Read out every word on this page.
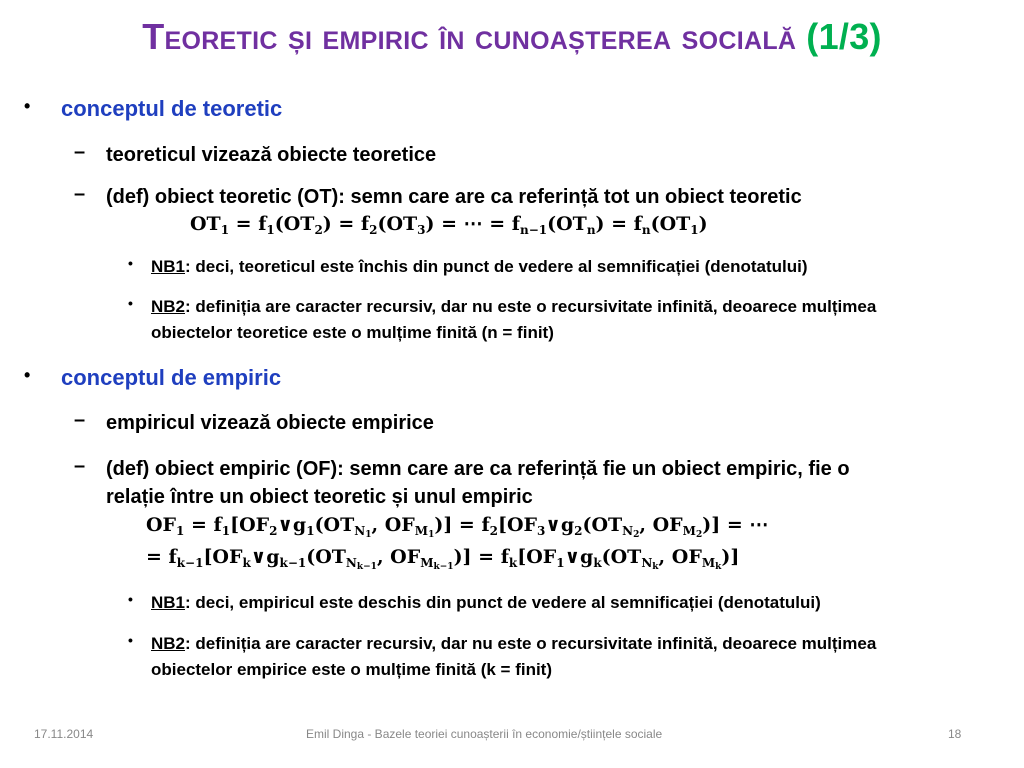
Teoretic și empiric în cunoașterea socială (1/3)
• conceptul de teoretic
– teoreticul vizează obiecte teoretice
– (def) obiect teoretic (OT): semn care are ca referință tot un obiect teoretic
$OT_1 = f_1(OT_2) = f_2(OT_3)$ = ⋯ = $f_{n-1}(OT_n) = f_n(OT_1)$
• NB1: deci, teoreticul este închis din punct de vedere al semnificației (denotatului)
• NB2: definiția are caracter recursiv, dar nu este o recursivitate infinită, deoarece mulțimea
obiectelor teoretice este o mulțime finită (n = finit)
• conceptul de empiric
– empiricul vizează obiecte empirice
– (def) obiect empiric (OF): semn care are ca referință fie un obiect empiric, fie o
relație între un obiect teoretic și unul empiric
$OF_1$ = $f_1[OF_2\vee g_1(OT_{N_1}$, $OF_{M_1}$)] = $f_2[OF_3\vee g_2(OT_{N_2}$, $OF_{M_2}$)] = ⋯
= $f_{k-1}[OF_k\vee g_{k-1}(OT_{N_{k-1}}$, $OF_{M_{k-1}}$)] = $f_k[OF_1\vee g_k(OT_{N_k}$, $OF_{M_k}$)]
• NB1: deci, empiricul este deschis din punct de vedere al semnificației (denotatului)
• NB2: definiția are caracter recursiv, dar nu este o recursivitate infinită, deoarece mulțimea
obiectelor empirice este o mulțime finită (k = finit)
17.11.2014	Emil Dinga - Bazele teoriei cunoașterii în economie/științele sociale	18
